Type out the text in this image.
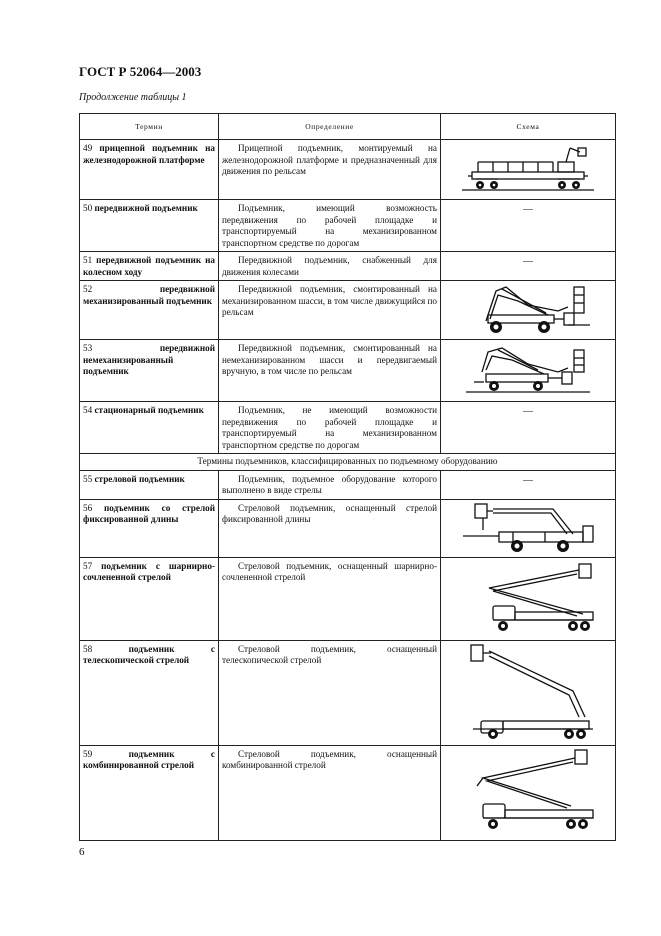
ГОСТ Р 52064—2003
Продолжение таблицы 1
Термин	Определение	Схема
49 прицепной подъемник на железнодорожной платформе	Прицепной подъемник, монтируемый на железнодорожной платформе и предназначенный для движения по рельсам	

50 передвижной подъемник	Подъемник, имеющий возможность передвижения по рабочей площадке и транспортируемый на механизированном транспортном средстве по дорогам	—

51 передвижной подъемник на колесном ходу	Передвижной подъемник, снабженный для движения колесами	—

52 передвижной механизированный подъемник	Передвижной подъемник, смонтированный на механизированном шасси, в том числе движущийся по рельсам	

53 передвижной немеханизированный подъемник	Передвижной подъемник, смонтированный на немеханизированном шасси и передвигаемый вручную, в том числе по рельсам	

54 стационарный подъемник	Подъемник, не имеющий возможности передвижения по рабочей площадке и транспортируемый на механизированном транспортном средстве по дорогам	—

Термины подъемников, классифицированных по подъемному оборудованию		
55 стреловой подъемник	Подъемник, подъемное оборудование которого выполнено в виде стрелы	—

56 подъемник со стрелой фиксированной длины	Стреловой подъемник, оснащенный стрелой фиксированной длины	

57 подъемник с шарнирно-сочлененной стрелой	Стреловой подъемник, оснащенный шарнирно-сочлененной стрелой	

58 подъемник с телескопической стрелой	Стреловой подъемник, оснащенный телескопической стрелой	

59 подъемник с комбинированной стрелой	Стреловой подъемник, оснащенный комбинированной стрелой	
6
